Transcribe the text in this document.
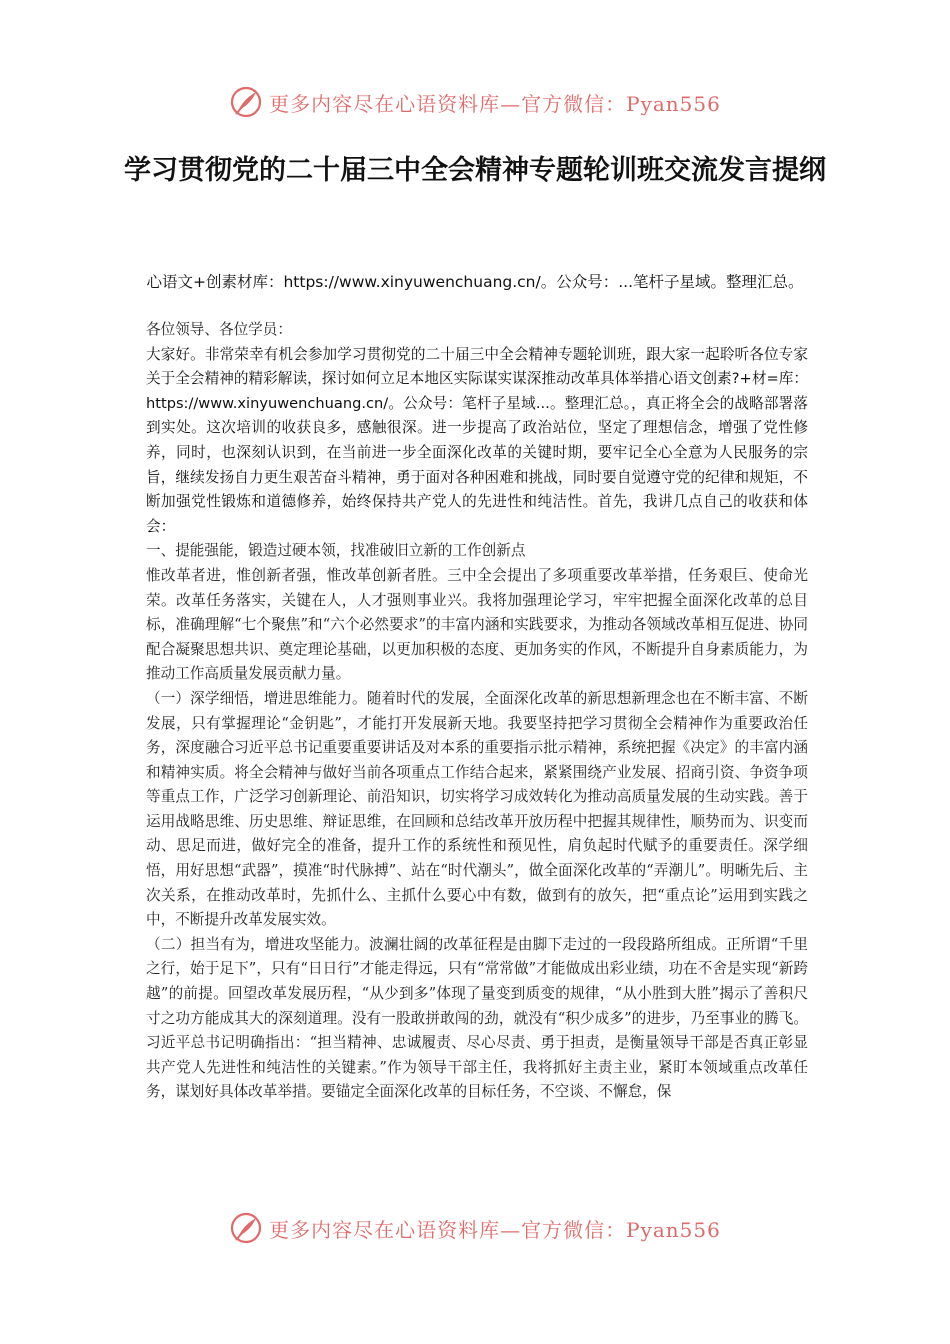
更多内容尽在心语资料库—官方微信：Pyan556
学习贯彻党的二十届三中全会精神专题轮训班交流发言提纲

心语文+创素材库：https://www.xinyuwenchuang.cn/。公众号：...笔杆子星域。整理汇总。

各位领导、各位学员：

大家好。非常荣幸有机会参加学习贯彻党的二十届三中全会精神专题轮训班，跟大家一起聆听各位专家关于全会精神的精彩解读，探讨如何立足本地区实际谋实谋深推动改革具体举措心语文创素?+材=库：https://www.xinyuwenchuang.cn/。公众号：笔杆子星域...。整理汇总。，真正将全会的战略部署落到实处。这次培训的收获良多，感触很深。进一步提高了政治站位，坚定了理想信念，增强了党性修养，同时，也深刻认识到，在当前进一步全面深化改革的关键时期，要牢记全心全意为人民服务的宗旨，继续发扬自力更生艰苦奋斗精神，勇于面对各种困难和挑战，同时要自觉遵守党的纪律和规矩，不断加强党性锻炼和道德修养，始终保持共产党人的先进性和纯洁性。首先，我讲几点自己的收获和体会：

一、提能强能，锻造过硬本领，找准破旧立新的工作创新点

惟改革者进，惟创新者强，惟改革创新者胜。三中全会提出了多项重要改革举措，任务艰巨、使命光荣。改革任务落实，关键在人，人才强则事业兴。我将加强理论学习，牢牢把握全面深化改革的总目标，准确理解“七个聚焦”和“六个必然要求”的丰富内涵和实践要求，为推动各领域改革相互促进、协同配合凝聚思想共识、奠定理论基础，以更加积极的态度、更加务实的作风，不断提升自身素质能力，为推动工作高质量发展贡献力量。

（一）深学细悟，增进思维能力。随着时代的发展，全面深化改革的新思想新理念也在不断丰富、不断发展，只有掌握理论“金钥匙”，才能打开发展新天地。我要坚持把学习贯彻全会精神作为重要政治任务，深度融合习近平总书记重要重要讲话及对本系的重要指示批示精神，系统把握《决定》的丰富内涵和精神实质。将全会精神与做好当前各项重点工作结合起来，紧紧围绕产业发展、招商引资、争资争项等重点工作，广泛学习创新理论、前沿知识，切实将学习成效转化为推动高质量发展的生动实践。善于运用战略思维、历史思维、辩证思维，在回顾和总结改革开放历程中把握其规律性，顺势而为、识变而动、思足而进，做好完全的准备，提升工作的系统性和预见性，肩负起时代赋予的重要责任。深学细悟，用好思想“武器”，摸准“时代脉搏”、站在“时代潮头”，做全面深化改革的“弄潮儿”。明晰先后、主次关系，在推动改革时，先抓什么、主抓什么要心中有数，做到有的放矢，把“重点论”运用到实践之中，不断提升改革发展实效。

（二）担当有为，增进攻坚能力。波澜壮阔的改革征程是由脚下走过的一段段路所组成。正所谓“千里之行，始于足下”，只有“日日行”才能走得远，只有“常常做”才能做成出彩业绩，功在不舍是实现“新跨越”的前提。回望改革发展历程，“从少到多”体现了量变到质变的规律，“从小胜到大胜”揭示了善积尺寸之功方能成其大的深刻道理。没有一股敢拼敢闯的劲，就没有“积少成多”的进步，乃至事业的腾飞。习近平总书记明确指出：“担当精神、忠诚履责、尽心尽责、勇于担责，是衡量领导干部是否真正彰显共产党人先进性和纯洁性的关键素。”作为领导干部主任，我将抓好主责主业，紧盯本领域重点改革任务，谋划好具体改革举措。要锚定全面深化改革的目标任务，不空谈、不懈怠，保

更多内容尽在心语资料库—官方微信：Pyan556
